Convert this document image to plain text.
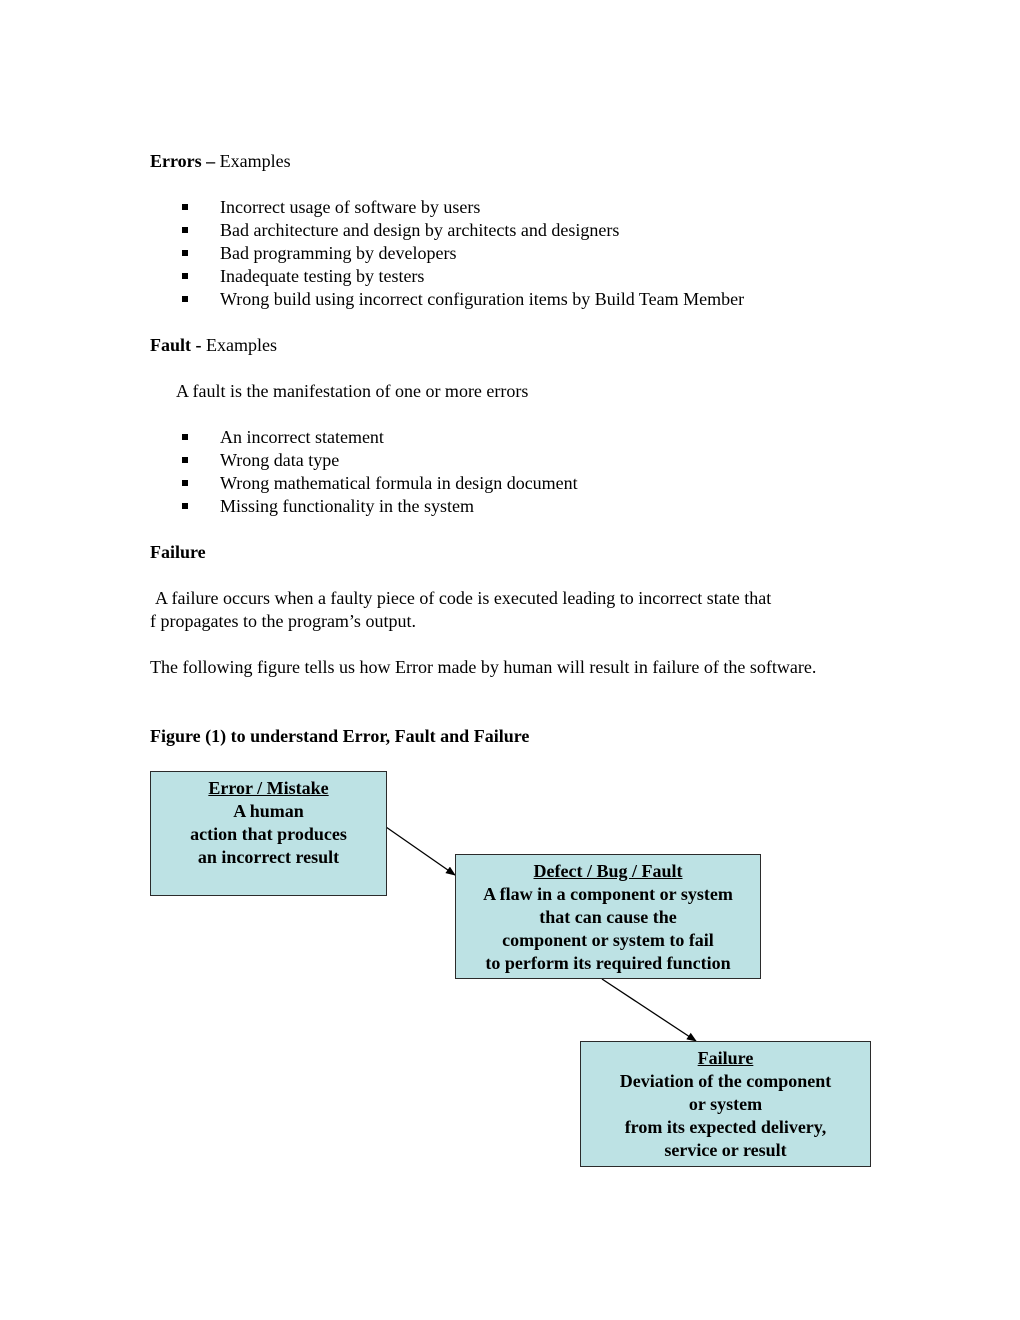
Errors – Examples
Incorrect usage of software by users
Bad architecture and design by architects and designers
Bad programming by developers
Inadequate testing by testers
Wrong build using incorrect configuration items by Build Team Member
Fault - Examples
A fault is the manifestation of one or more errors
An incorrect statement
Wrong data type
Wrong mathematical formula in design document
Missing functionality in the system
Failure
A failure occurs when a faulty piece of code is executed leading to incorrect state that
f propagates to the program’s output.
The following figure tells us how Error made by human will result in failure of the software.
Figure (1) to understand Error, Fault and Failure
Error / Mistake
A human
action that produces
an incorrect result
Defect / Bug / Fault
A flaw in a component or system
that can cause the
component or system to fail
to perform its required function
Failure
Deviation of the component
or system
from its expected delivery,
service or result
